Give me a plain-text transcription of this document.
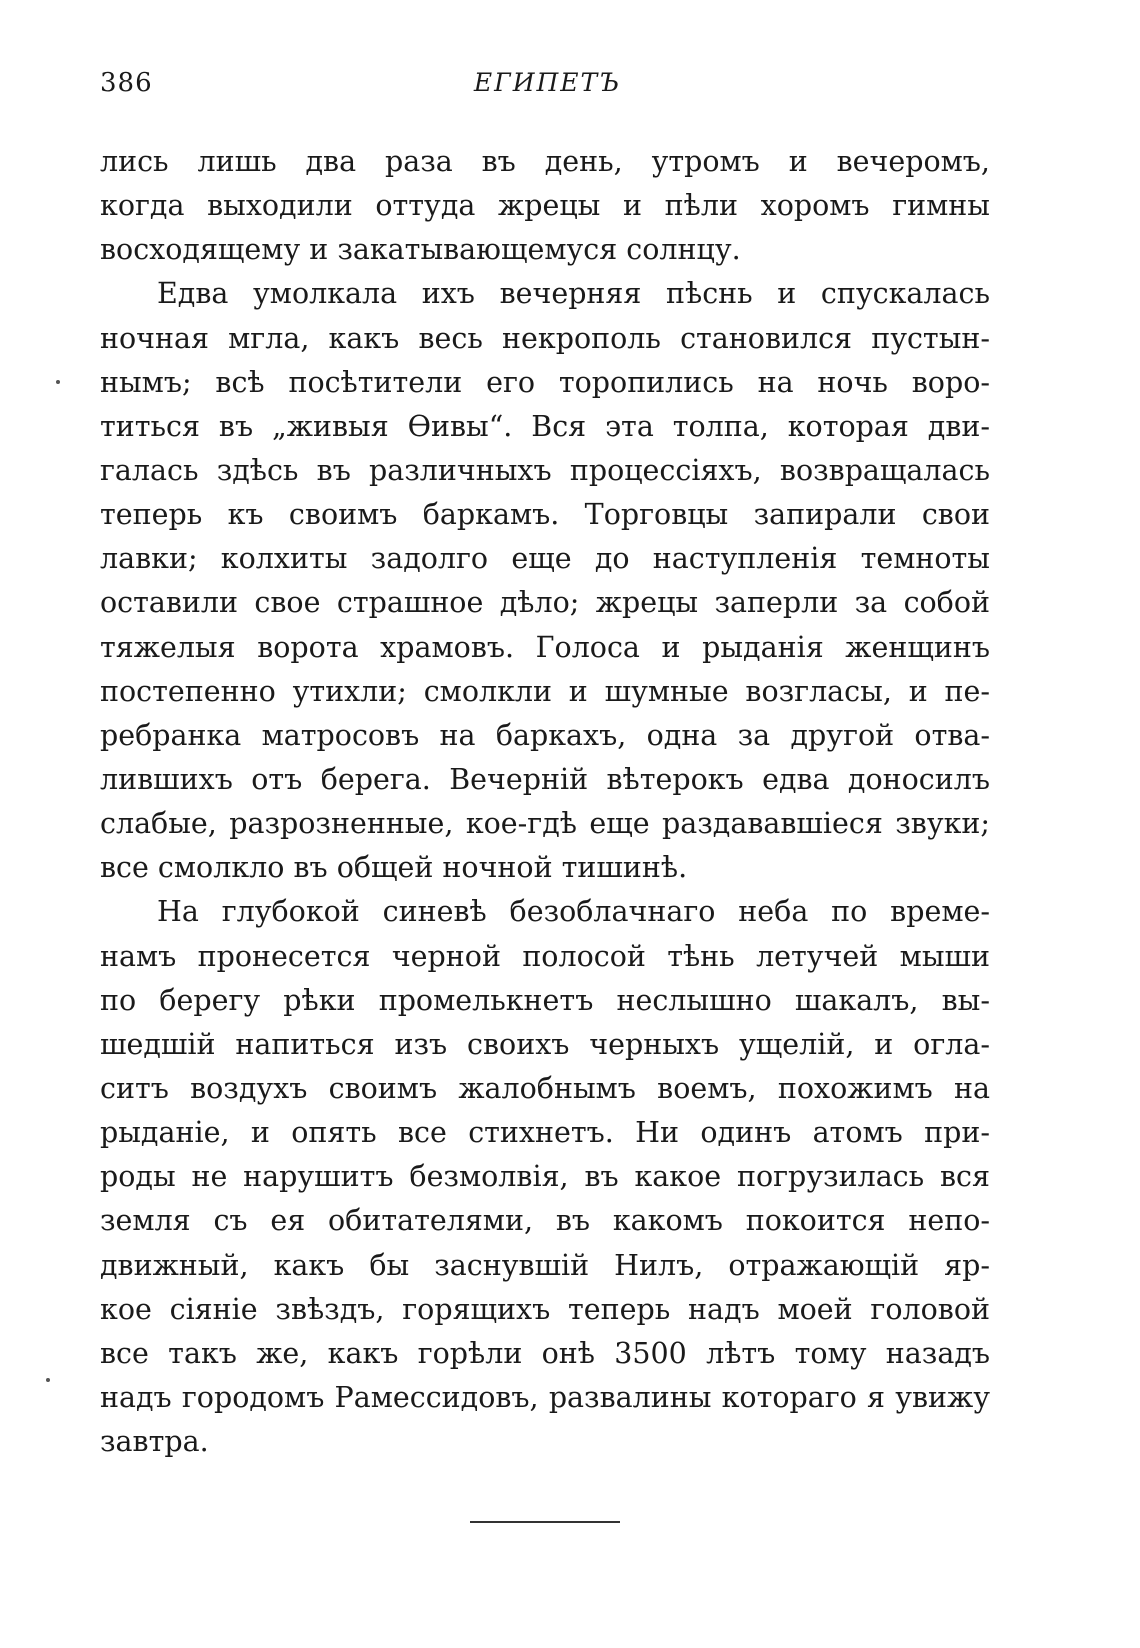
386	ЕГИПЕТЪ
лись лишь два раза въ день, утромъ и вечеромъ,
когда выходили оттуда жрецы и пѣли хоромъ гимны
восходящему и закатывающемуся солнцу.
Едва умолкала ихъ вечерняя пѣснь и спускалась
ночная мгла, какъ весь некрополь становился пустын-
нымъ; всѣ посѣтители его торопились на ночь воро-
титься въ „живыя Ѳивы“. Вся эта толпа, которая дви-
галась здѣсь въ различныхъ процессіяхъ, возвращалась
теперь къ своимъ баркамъ. Торговцы запирали свои
лавки; колхиты задолго еще до наступленія темноты
оставили свое страшное дѣло; жрецы заперли за собой
тяжелыя ворота храмовъ. Голоса и рыданія женщинъ
постепенно утихли; смолкли и шумные возгласы, и пе-
ребранка матросовъ на баркахъ, одна за другой отва-
лившихъ отъ берега. Вечерній вѣтерокъ едва доносилъ
слабые, разрозненные, кое-гдѣ еще раздававшіеся звуки;
все смолкло въ общей ночной тишинѣ.
На глубокой синевѣ безоблачнаго неба по време-
намъ пронесется черной полосой тѣнь летучей мыши
по берегу рѣки промелькнетъ неслышно шакалъ, вы-
шедшій напиться изъ своихъ черныхъ ущелій, и огла-
ситъ воздухъ своимъ жалобнымъ воемъ, похожимъ на
рыданіе, и опять все стихнетъ. Ни одинъ атомъ при-
роды не нарушитъ безмолвія, въ какое погрузилась вся
земля съ ея обитателями, въ какомъ покоится непо-
движный, какъ бы заснувшій Нилъ, отражающій яр-
кое сіяніе звѣздъ, горящихъ теперь надъ моей головой
все такъ же, какъ горѣли онѣ 3500 лѣтъ тому назадъ
надъ городомъ Рамессидовъ, развалины котораго я увижу
завтра.
